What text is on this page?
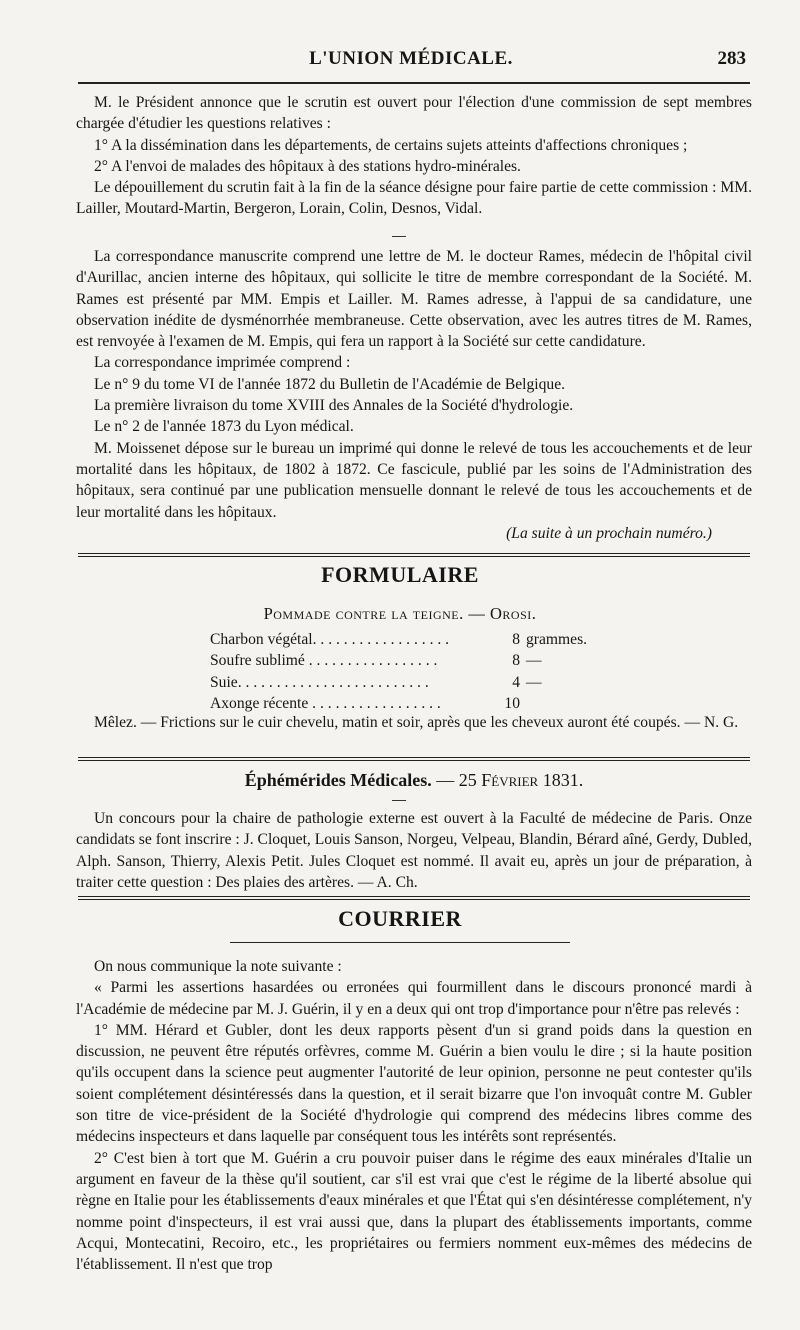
L'UNION MÉDICALE.	283

M. le Président annonce que le scrutin est ouvert pour l'élection d'une commission de sept membres chargée d'étudier les questions relatives :

1° A la dissémination dans les départements, de certains sujets atteints d'affections chroniques ;

2° A l'envoi de malades des hôpitaux à des stations hydro-minérales.

Le dépouillement du scrutin fait à la fin de la séance désigne pour faire partie de cette commission : MM. Lailler, Moutard-Martin, Bergeron, Lorain, Colin, Desnos, Vidal.

La correspondance manuscrite comprend une lettre de M. le docteur Rames, médecin de l'hôpital civil d'Aurillac, ancien interne des hôpitaux, qui sollicite le titre de membre correspondant de la Société. M. Rames est présenté par MM. Empis et Lailler. M. Rames adresse, à l'appui de sa candidature, une observation inédite de dysménorrhée membraneuse. Cette observation, avec les autres titres de M. Rames, est renvoyée à l'examen de M. Empis, qui fera un rapport à la Société sur cette candidature.

La correspondance imprimée comprend :

Le n° 9 du tome VI de l'année 1872 du Bulletin de l'Académie de Belgique.

La première livraison du tome XVIII des Annales de la Société d'hydrologie.

Le n° 2 de l'année 1873 du Lyon médical.

M. Moissenet dépose sur le bureau un imprimé qui donne le relevé de tous les accouchements et de leur mortalité dans les hôpitaux, de 1802 à 1872. Ce fascicule, publié par les soins de l'Administration des hôpitaux, sera continué par une publication mensuelle donnant le relevé de tous les accouchements et de leur mortalité dans les hôpitaux.

(La suite à un prochain numéro.)

FORMULAIRE
Pommade contre la teigne. — Orosi.
Charbon végétal. . . . . . . . . . . . . . . . . .	8 grammes.
Soufre sublimé . . . . . . . . . . . . . . . . .	8 —
Suie. . . . . . . . . . . . . . . . . . . . . . . . .	4 —
Axonge récente . . . . . . . . . . . . . . . . .	10

Mêlez. — Frictions sur le cuir chevelu, matin et soir, après que les cheveux auront été coupés. — N. G.

Éphémérides Médicales. — 25 Février 1831.

Un concours pour la chaire de pathologie externe est ouvert à la Faculté de médecine de Paris. Onze candidats se font inscrire : J. Cloquet, Louis Sanson, Norgeu, Velpeau, Blandin, Bérard aîné, Gerdy, Dubled, Alph. Sanson, Thierry, Alexis Petit. Jules Cloquet est nommé. Il avait eu, après un jour de préparation, à traiter cette question : Des plaies des artères. — A. Ch.

COURRIER

On nous communique la note suivante :

« Parmi les assertions hasardées ou erronées qui fourmillent dans le discours prononcé mardi à l'Académie de médecine par M. J. Guérin, il y en a deux qui ont trop d'importance pour n'être pas relevés :

1° MM. Hérard et Gubler, dont les deux rapports pèsent d'un si grand poids dans la question en discussion, ne peuvent être réputés orfèvres, comme M. Guérin a bien voulu le dire ; si la haute position qu'ils occupent dans la science peut augmenter l'autorité de leur opinion, personne ne peut contester qu'ils soient complétement désintéressés dans la question, et il serait bizarre que l'on invoquât contre M. Gubler son titre de vice-président de la Société d'hydrologie qui comprend des médecins libres comme des médecins inspecteurs et dans laquelle par conséquent tous les intérêts sont représentés.

2° C'est bien à tort que M. Guérin a cru pouvoir puiser dans le régime des eaux minérales d'Italie un argument en faveur de la thèse qu'il soutient, car s'il est vrai que c'est le régime de la liberté absolue qui règne en Italie pour les établissements d'eaux minérales et que l'État qui s'en désintéresse complétement, n'y nomme point d'inspecteurs, il est vrai aussi que, dans la plupart des établissements importants, comme Acqui, Montecatini, Recoiro, etc., les propriétaires ou fermiers nomment eux-mêmes des médecins de l'établissement. Il n'est que trop
